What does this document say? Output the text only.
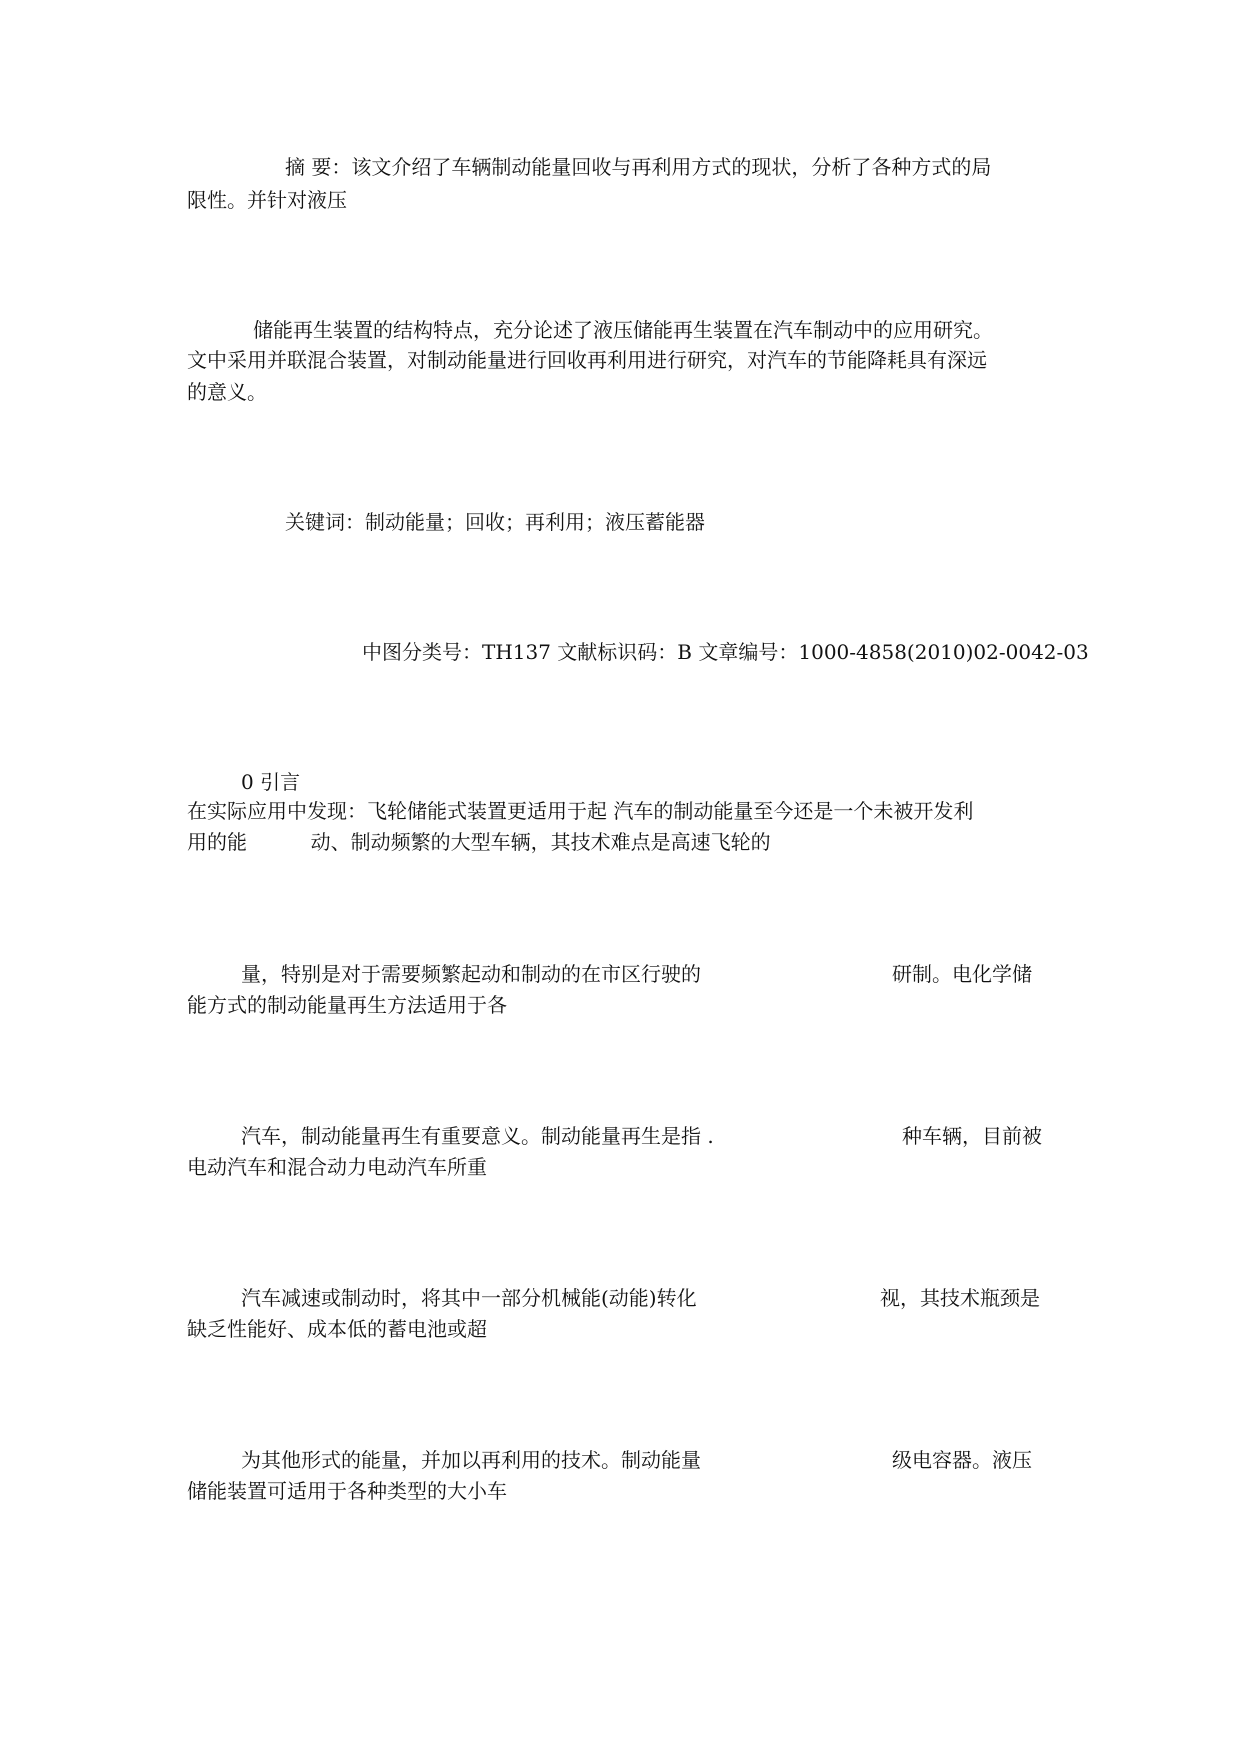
摘 要：该文介绍了车辆制动能量回收与再利用方式的现状，分析了各种方式的局
限性。并针对液压
储能再生装置的结构特点，充分论述了液压储能再生装置在汽车制动中的应用研究。
文中采用并联混合装置，对制动能量进行回收再利用进行研究，对汽车的节能降耗具有深远
的意义。
关键词：制动能量；回收；再利用；液压蓄能器
中图分类号：TH137 文献标识码：B 文章编号：1000-4858(2010)02-0042-03
0 引言
在实际应用中发现：飞轮储能式装置更适用于起 汽车的制动能量至今还是一个未被开发利
用的能          动、制动频繁的大型车辆，其技术难点是高速飞轮的
量，特别是对于需要频繁起动和制动的在市区行驶的	研制。电化学储
能方式的制动能量再生方法适用于各
汽车，制动能量再生有重要意义。制动能量再生是指 .	种车辆，目前被
电动汽车和混合动力电动汽车所重
汽车减速或制动时，将其中一部分机械能(动能)转化	视，其技术瓶颈是
缺乏性能好、成本低的蓄电池或超
为其他形式的能量，并加以再利用的技术。制动能量	级电容器。液压
储能装置可适用于各种类型的大小车
